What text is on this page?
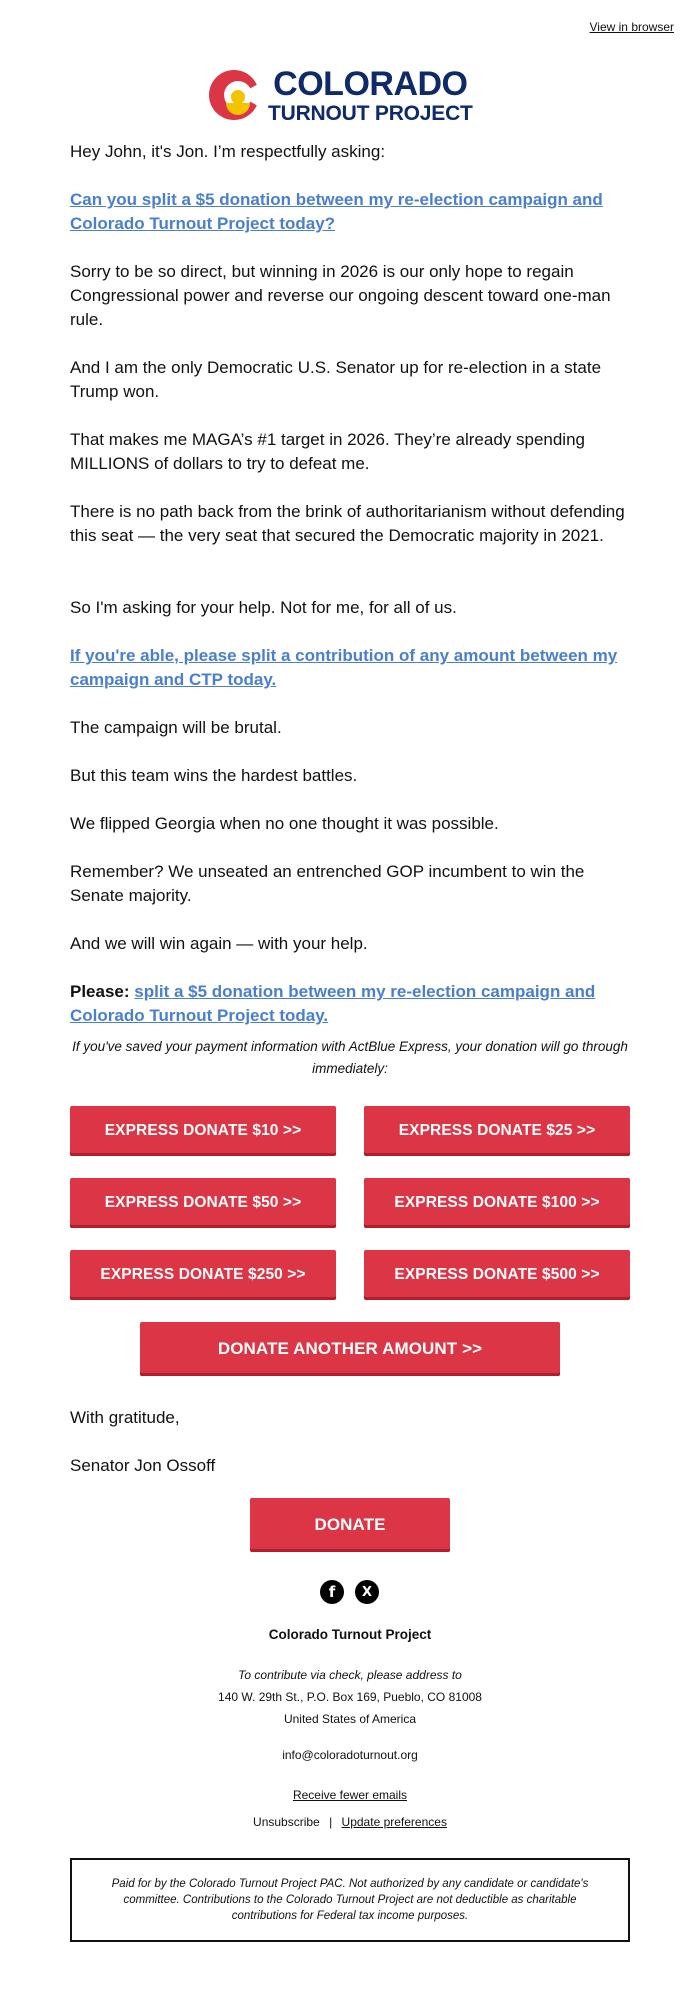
View in browser
COLORADO
TURNOUT PROJECT

Hey John, it's Jon. I’m respectfully asking:

Can you split a $5 donation between my re-election campaign and Colorado Turnout Project today?

Sorry to be so direct, but winning in 2026 is our only hope to regain Congressional power and reverse our ongoing descent toward one-man rule.

And I am the only Democratic U.S. Senator up for re-election in a state Trump won.

That makes me MAGA’s #1 target in 2026. They’re already spending MILLIONS of dollars to try to defeat me.

There is no path back from the brink of authoritarianism without defending this seat — the very seat that secured the Democratic majority in 2021.

So I'm asking for your help. Not for me, for all of us.

If you're able, please split a contribution of any amount between my campaign and CTP today.

The campaign will be brutal.

But this team wins the hardest battles.

We flipped Georgia when no one thought it was possible.

Remember? We unseated an entrenched GOP incumbent to win the Senate majority.

And we will win again — with your help.

Please: split a $5 donation between my re-election campaign and Colorado Turnout Project today.

If you've saved your payment information with ActBlue Express, your donation will go through immediately:

EXPRESS DONATE $10 >>	EXPRESS DONATE $25 >>
EXPRESS DONATE $50 >>	EXPRESS DONATE $100 >>
EXPRESS DONATE $250 >>	EXPRESS DONATE $500 >>
DONATE ANOTHER AMOUNT >>

With gratitude,

Senator Jon Ossoff

DONATE
f	X

Colorado Turnout Project

To contribute via check, please address to

140 W. 29th St., P.O. Box 169, Pueblo, CO 81008

United States of America

info@coloradoturnout.org

Receive fewer emails

Unsubscribe | Update preferences

Paid for by the Colorado Turnout Project PAC. Not authorized by any candidate or candidate's committee. Contributions to the Colorado Turnout Project are not deductible as charitable contributions for Federal tax income purposes.
